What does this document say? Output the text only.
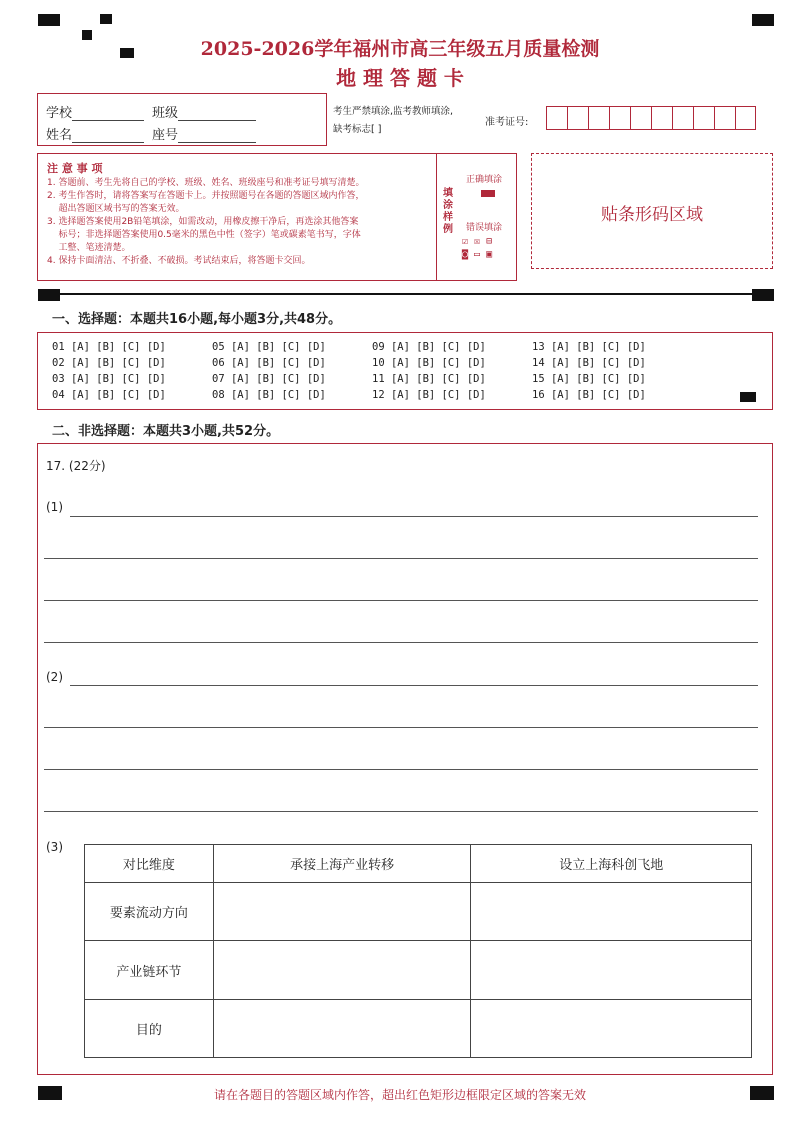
2025-2026学年福州市高三年级五月质量检测
地 理 答 题 卡
学校	班级
姓名	座号
考生严禁填涂,监考教师填涂,
缺考标志[ ]
准考证号:
注 意 事 项
1. 答题前、考生先将自己的学校、班级、姓名、班级座号和准考证号填写清楚。
2. 考生作答时，请将答案写在答题卡上。并按照题号在各题的答题区域内作答，
超出答题区域书写的答案无效。
3. 选择题答案使用2B铅笔填涂，如需改动，用橡皮擦干净后，再选涂其他答案
标号；非选择题答案使用0.5毫米的黑色中性（签字）笔或碳素笔书写，字体
工整、笔迹清楚。
4. 保持卡面清洁、不折叠、不破损。考试结束后，将答题卡交回。
填涂样例
正确填涂
错误填涂
☑ ☒ ⊟
◙ ▭ ▣
贴条形码区域
一、选择题：本题共16小题,每小题3分,共48分。
01 [A] [B] [C] [D]	05 [A] [B] [C] [D]	09 [A] [B] [C] [D]	13 [A] [B] [C] [D]
02 [A] [B] [C] [D]	06 [A] [B] [C] [D]	10 [A] [B] [C] [D]	14 [A] [B] [C] [D]
03 [A] [B] [C] [D]	07 [A] [B] [C] [D]	11 [A] [B] [C] [D]	15 [A] [B] [C] [D]
04 [A] [B] [C] [D]	08 [A] [B] [C] [D]	12 [A] [B] [C] [D]	16 [A] [B] [C] [D]
二、非选择题：本题共3小题,共52分。
17. (22分)
(1)
(2)
(3)
对比维度	承接上海产业转移	设立上海科创飞地
要素流动方向		
产业链环节		
目的		
请在各题目的答题区域内作答，超出红色矩形边框限定区域的答案无效
